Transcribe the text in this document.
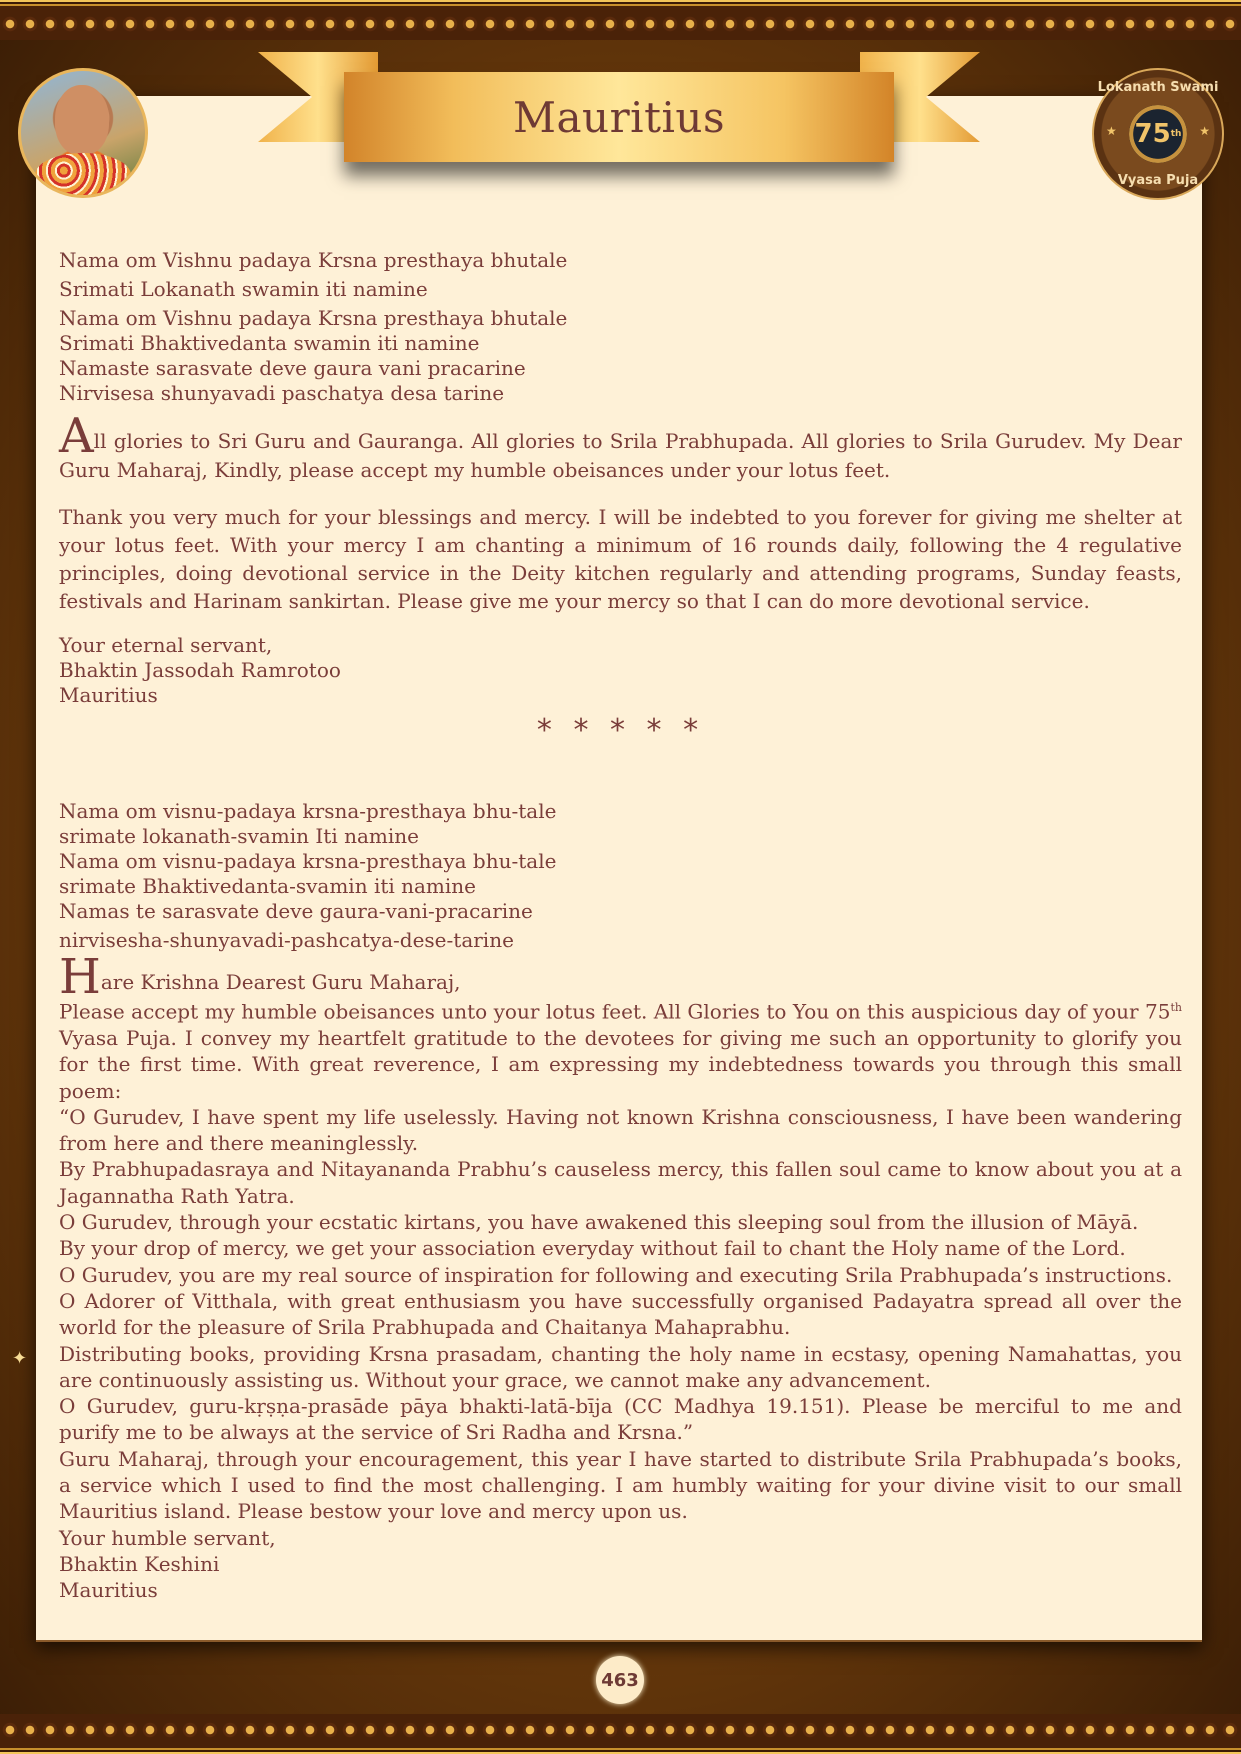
Mauritius
Lokanath Swami
★ 75 th ★
Vyasa Puja
Nama om Vishnu padaya Krsna presthaya bhutale
Srimati Lokanath swamin iti namine
Nama om Vishnu padaya Krsna presthaya bhutale
Srimati Bhaktivedanta swamin iti namine
Namaste sarasvate deve gaura vani pracarine
Nirvisesa shunyavadi paschatya desa tarine

All glories to Sri Guru and Gauranga. All glories to Srila Prabhupada. All glories to Srila Gurudev. My Dear Guru Maharaj, Kindly, please accept my humble obeisances under your lotus feet.

Thank you very much for your blessings and mercy. I will be indebted to you forever for giving me shelter at your lotus feet. With your mercy I am chanting a minimum of 16 rounds daily, following the 4 regulative principles, doing devotional service in the Deity kitchen regularly and attending programs, Sunday feasts, festivals and Harinam sankirtan. Please give me your mercy so that I can do more devotional service.

Your eternal servant,
Bhaktin Jassodah Ramrotoo
Mauritius
* * * * *
Nama om visnu-padaya krsna-presthaya bhu-tale
srimate lokanath-svamin Iti namine
Nama om visnu-padaya krsna-presthaya bhu-tale
srimate Bhaktivedanta-svamin iti namine
Namas te sarasvate deve gaura-vani-pracarine
nirvisesha-shunyavadi-pashcatya-dese-tarine
Hare Krishna Dearest Guru Maharaj,

Please accept my humble obeisances unto your lotus feet. All Glories to You on this auspicious day of your 75th Vyasa Puja. I convey my heartfelt gratitude to the devotees for giving me such an opportunity to glorify you for the first time. With great reverence, I am expressing my indebtedness towards you through this small poem:

“O Gurudev, I have spent my life uselessly. Having not known Krishna consciousness, I have been wandering from here and there meaninglessly.

By Prabhupadasraya and Nitayananda Prabhu’s causeless mercy, this fallen soul came to know about you at a Jagannatha Rath Yatra.

O Gurudev, through your ecstatic kirtans, you have awakened this sleeping soul from the illusion of Māyā.

By your drop of mercy, we get your association everyday without fail to chant the Holy name of the Lord.

O Gurudev, you are my real source of inspiration for following and executing Srila Prabhupada’s instructions.

O Adorer of Vitthala, with great enthusiasm you have successfully organised Padayatra spread all over the world for the pleasure of Srila Prabhupada and Chaitanya Mahaprabhu.

Distributing books, providing Krsna prasadam, chanting the holy name in ecstasy, opening Namahattas, you are continuously assisting us. Without your grace, we cannot make any advancement.

O Gurudev, guru-kṛṣṇa-prasāde pāya bhakti-latā-bīja (CC Madhya 19.151). Please be merciful to me and purify me to be always at the service of Sri Radha and Krsna.”

Guru Maharaj, through your encouragement, this year I have started to distribute Srila Prabhupada’s books, a service which I used to find the most challenging. I am humbly waiting for your divine visit to our small Mauritius island. Please bestow your love and mercy upon us.

Your humble servant,
Bhaktin Keshini
Mauritius
✦
463
